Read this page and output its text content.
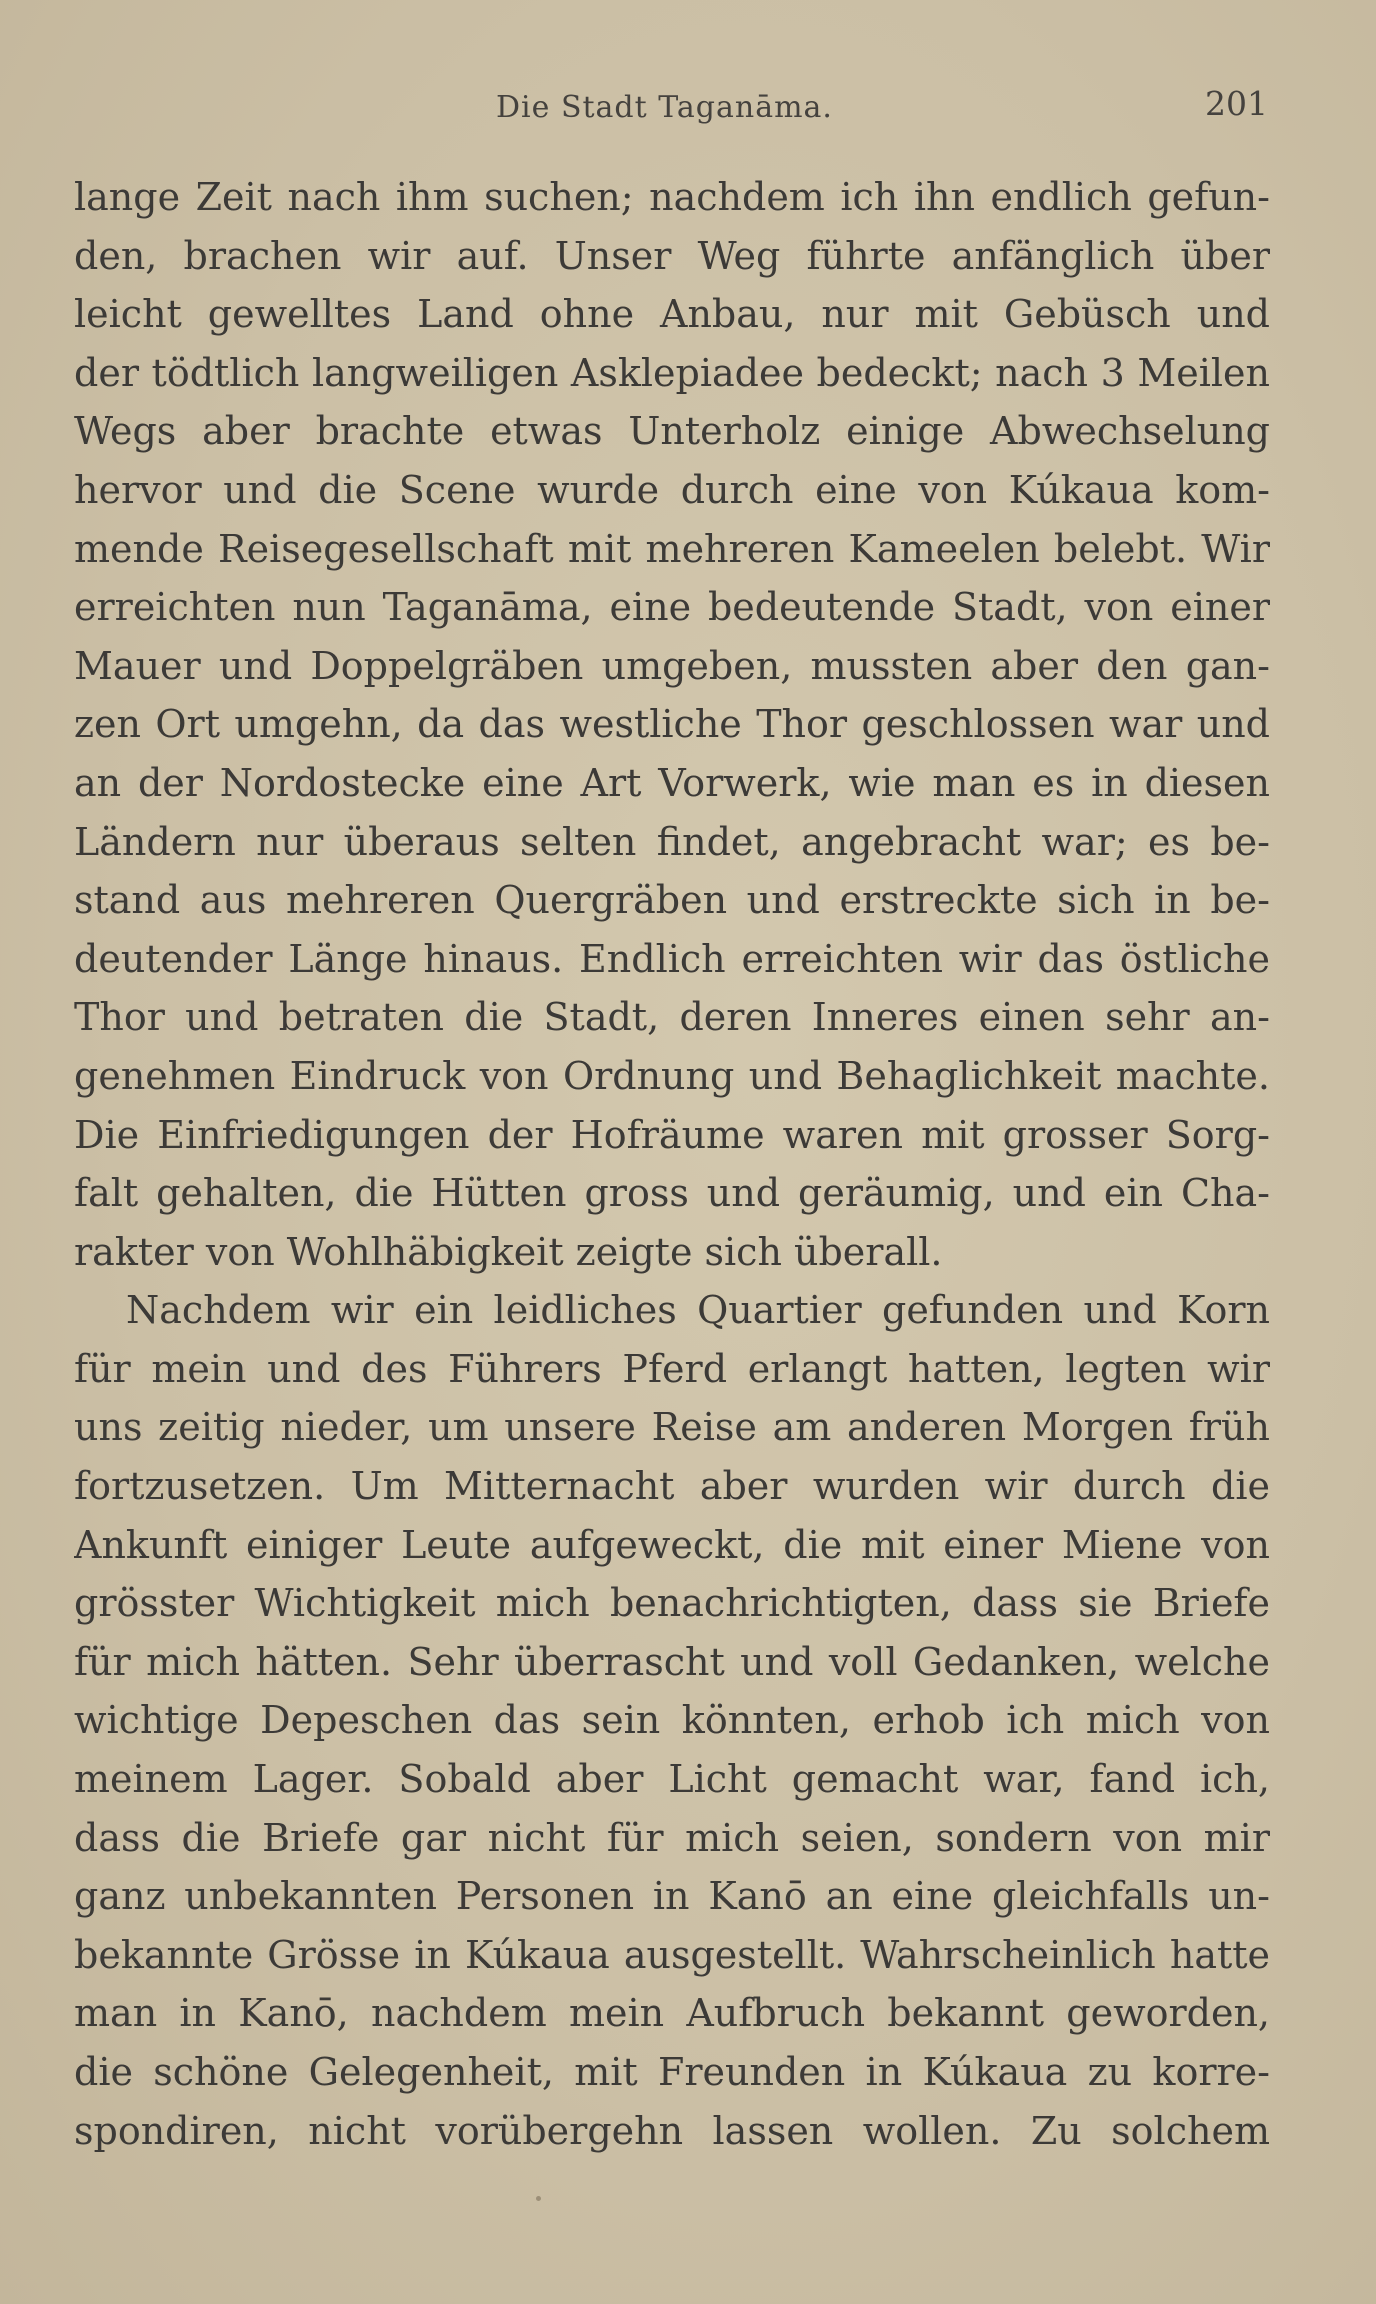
Die Stadt Taganāma.	201
lange Zeit nach ihm suchen; nachdem ich ihn endlich gefun-
den, brachen wir auf. Unser Weg führte anfänglich über
leicht gewelltes Land ohne Anbau, nur mit Gebüsch und
der tödtlich langweiligen Asklepiadee bedeckt; nach 3 Meilen
Wegs aber brachte etwas Unterholz einige Abwechselung
hervor und die Scene wurde durch eine von Kúkaua kom-
mende Reisegesellschaft mit mehreren Kameelen belebt. Wir
erreichten nun Taganāma, eine bedeutende Stadt, von einer
Mauer und Doppelgräben umgeben, mussten aber den gan-
zen Ort umgehn, da das westliche Thor geschlossen war und
an der Nordostecke eine Art Vorwerk, wie man es in diesen
Ländern nur überaus selten findet, angebracht war; es be-
stand aus mehreren Quergräben und erstreckte sich in be-
deutender Länge hinaus. Endlich erreichten wir das östliche
Thor und betraten die Stadt, deren Inneres einen sehr an-
genehmen Eindruck von Ordnung und Behaglichkeit machte.
Die Einfriedigungen der Hofräume waren mit grosser Sorg-
falt gehalten, die Hütten gross und geräumig, und ein Cha-
rakter von Wohlhäbigkeit zeigte sich überall.
Nachdem wir ein leidliches Quartier gefunden und Korn
für mein und des Führers Pferd erlangt hatten, legten wir
uns zeitig nieder, um unsere Reise am anderen Morgen früh
fortzusetzen. Um Mitternacht aber wurden wir durch die
Ankunft einiger Leute aufgeweckt, die mit einer Miene von
grösster Wichtigkeit mich benachrichtigten, dass sie Briefe
für mich hätten. Sehr überrascht und voll Gedanken, welche
wichtige Depeschen das sein könnten, erhob ich mich von
meinem Lager. Sobald aber Licht gemacht war, fand ich,
dass die Briefe gar nicht für mich seien, sondern von mir
ganz unbekannten Personen in Kanō an eine gleichfalls un-
bekannte Grösse in Kúkaua ausgestellt. Wahrscheinlich hatte
man in Kanō, nachdem mein Aufbruch bekannt geworden,
die schöne Gelegenheit, mit Freunden in Kúkaua zu korre-
spondiren, nicht vorübergehn lassen wollen. Zu solchem
